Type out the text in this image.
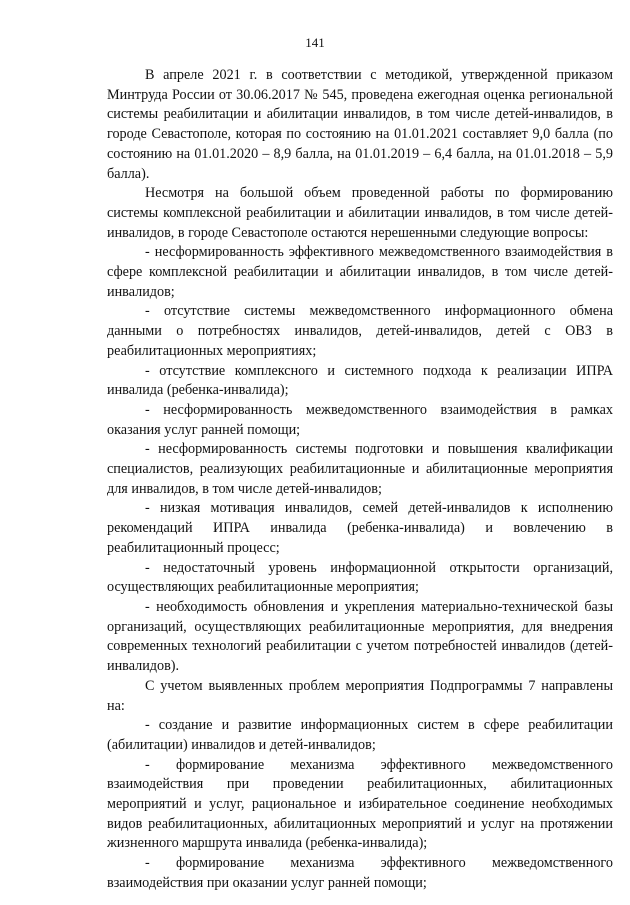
141

В апреле 2021 г. в соответствии с методикой, утвержденной приказом Минтруда России от 30.06.2017 № 545, проведена ежегодная оценка региональной системы реабилитации и абилитации инвалидов, в том числе детей-инвалидов, в городе Севастополе, которая по состоянию на 01.01.2021 составляет 9,0 балла (по состоянию на 01.01.2020 – 8,9 балла, на 01.01.2019 – 6,4 балла, на 01.01.2018 – 5,9 балла).

Несмотря на большой объем проведенной работы по формированию системы комплексной реабилитации и абилитации инвалидов, в том числе детей-инвалидов, в городе Севастополе остаются нерешенными следующие вопросы:

- несформированность эффективного межведомственного взаимодействия в сфере комплексной реабилитации и абилитации инвалидов, в том числе детей-инвалидов;

- отсутствие системы межведомственного информационного обмена данными о потребностях инвалидов, детей-инвалидов, детей с ОВЗ в реабилитационных мероприятиях;

- отсутствие комплексного и системного подхода к реализации ИПРА инвалида (ребенка-инвалида);

- несформированность межведомственного взаимодействия в рамках оказания услуг ранней помощи;

- несформированность системы подготовки и повышения квалификации специалистов, реализующих реабилитационные и абилитационные мероприятия для инвалидов, в том числе детей-инвалидов;

- низкая мотивация инвалидов, семей детей-инвалидов к исполнению рекомендаций ИПРА инвалида (ребенка-инвалида) и вовлечению в реабилитационный процесс;

- недостаточный уровень информационной открытости организаций, осуществляющих реабилитационные мероприятия;

- необходимость обновления и укрепления материально-технической базы организаций, осуществляющих реабилитационные мероприятия, для внедрения современных технологий реабилитации с учетом потребностей инвалидов (детей-инвалидов).

С учетом выявленных проблем мероприятия Подпрограммы 7 направлены на:

- создание и развитие информационных систем в сфере реабилитации (абилитации) инвалидов и детей-инвалидов;

- формирование механизма эффективного межведомственного взаимодействия при проведении реабилитационных, абилитационных мероприятий и услуг, рациональное и избирательное соединение необходимых видов реабилитационных, абилитационных мероприятий и услуг на протяжении жизненного маршрута инвалида (ребенка-инвалида);

- формирование механизма эффективного межведомственного взаимодействия при оказании услуг ранней помощи;
